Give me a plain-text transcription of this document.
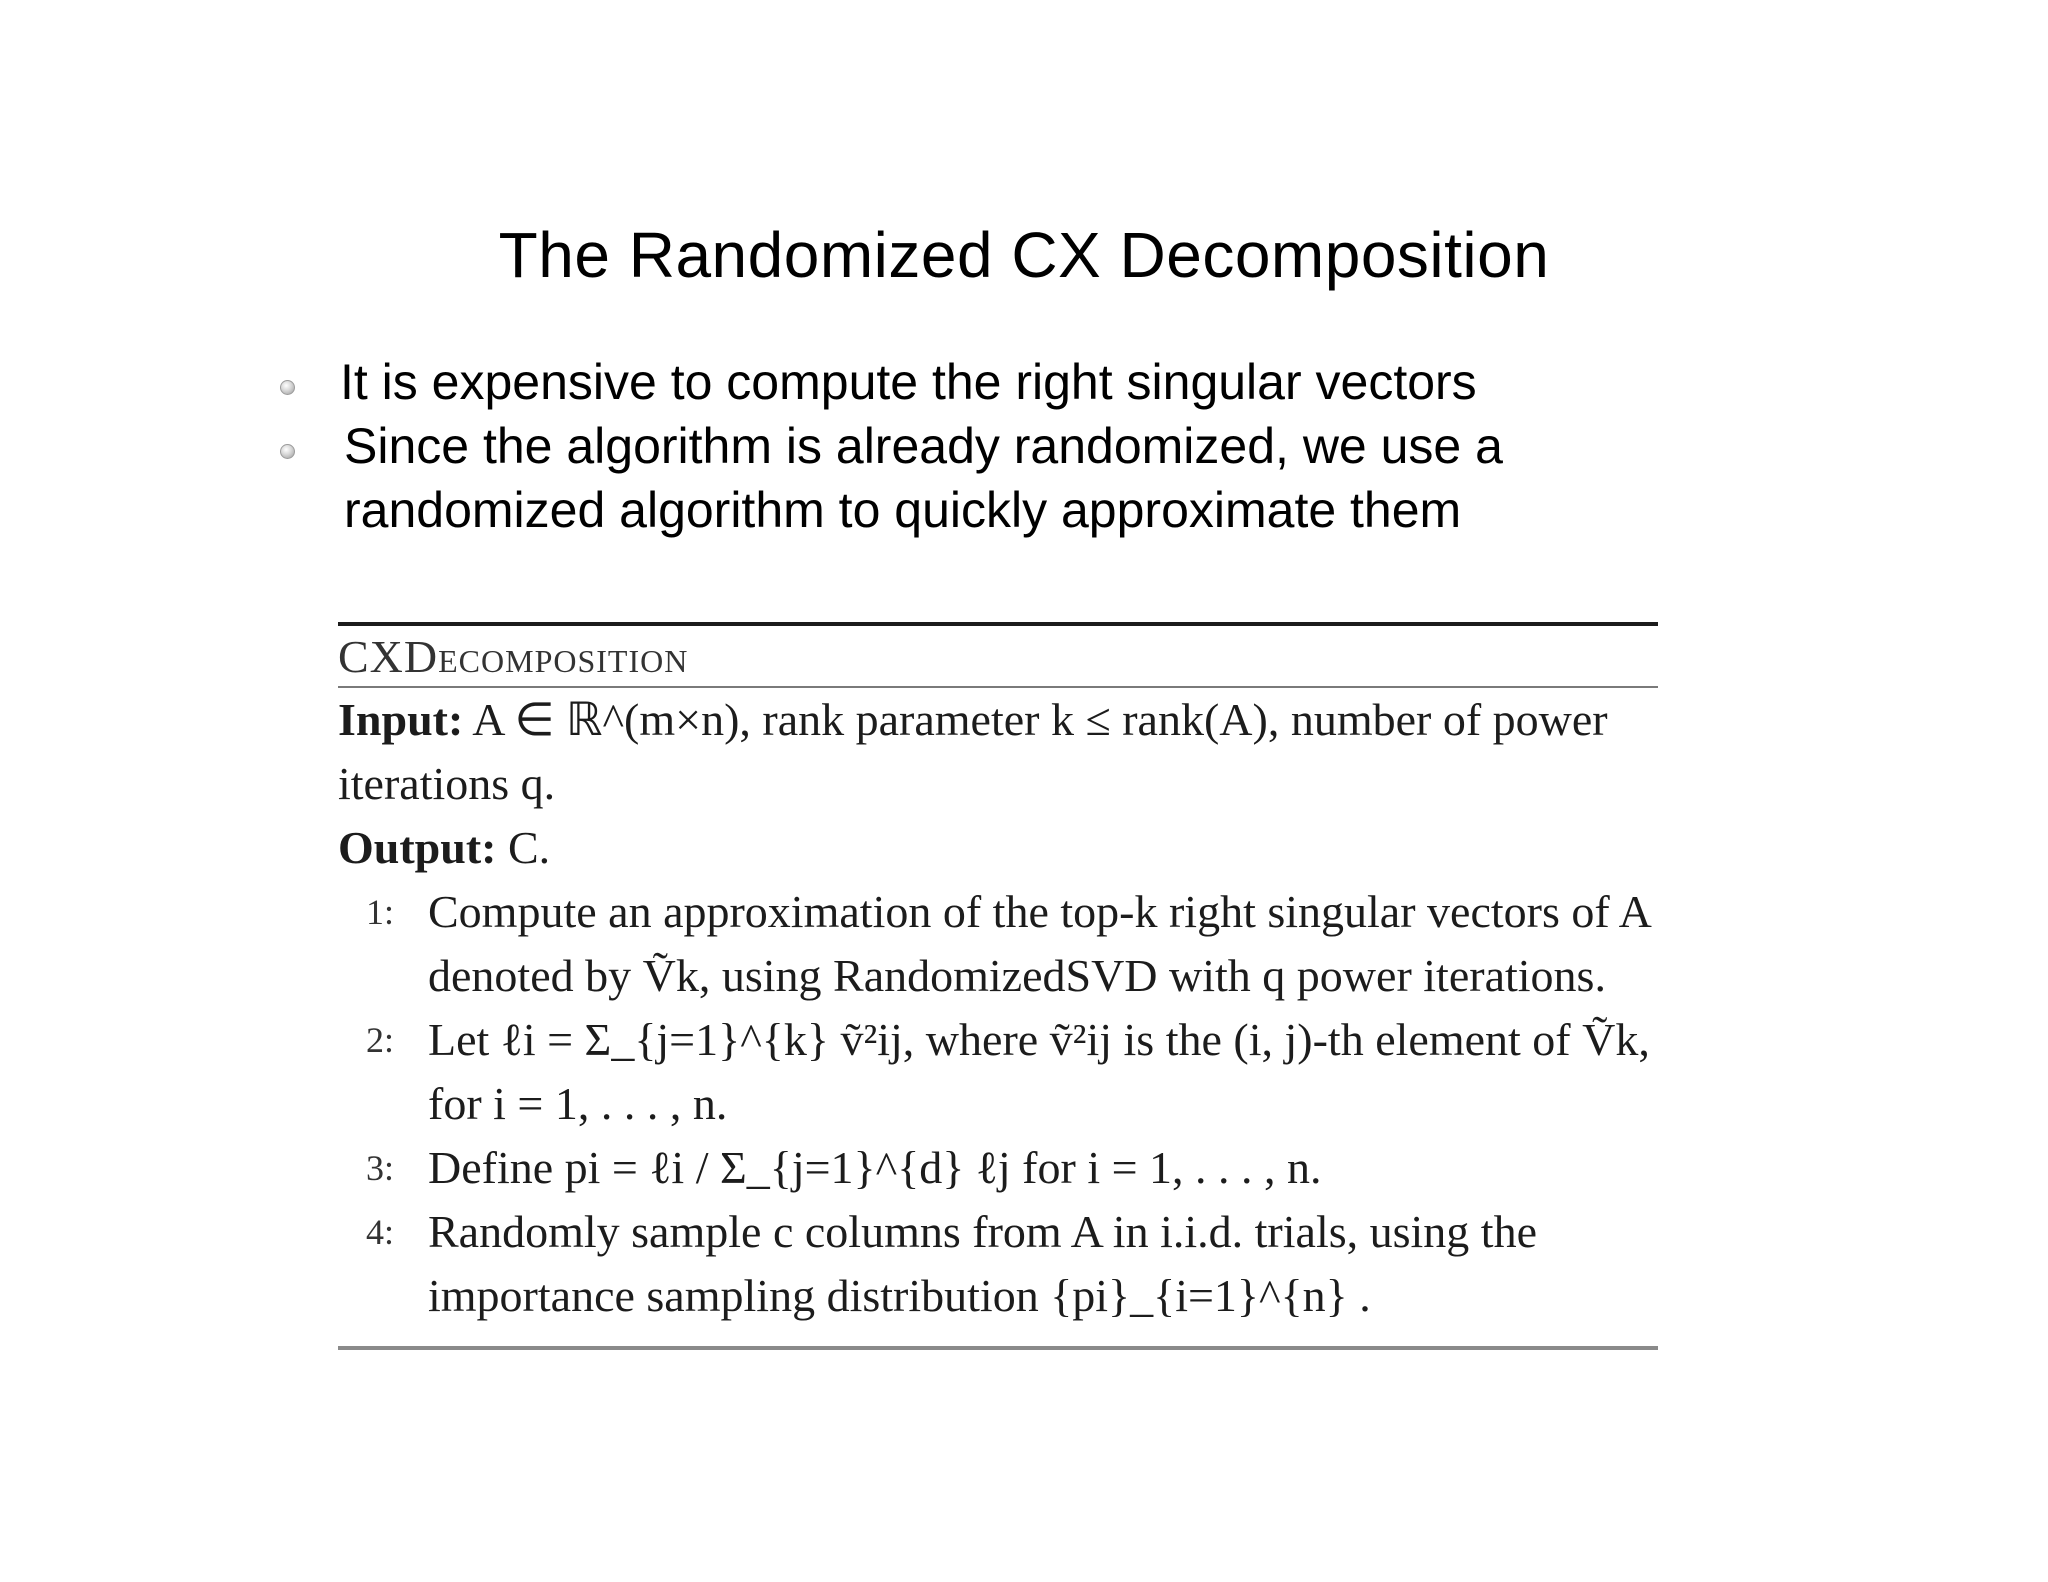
The Randomized CX Decomposition
It is expensive to compute the right singular vectors
Since the algorithm is already randomized, we use a randomized algorithm to quickly approximate them
CXDecomposition
Input: A ∈ ℝ^(m×n), rank parameter k ≤ rank(A), number of power iterations q.
Output: C.
1: Compute an approximation of the top-k right singular vectors of A denoted by Ṽk, using RandomizedSVD with q power iterations.
2: Let ℓi = Σ_{j=1}^{k} ṽ²ij, where ṽ²ij is the (i, j)-th element of Ṽk, for i = 1, . . . , n.
3: Define pi = ℓi / Σ_{j=1}^{d} ℓj for i = 1, . . . , n.
4: Randomly sample c columns from A in i.i.d. trials, using the importance sampling distribution {pi}_{i=1}^{n} .
